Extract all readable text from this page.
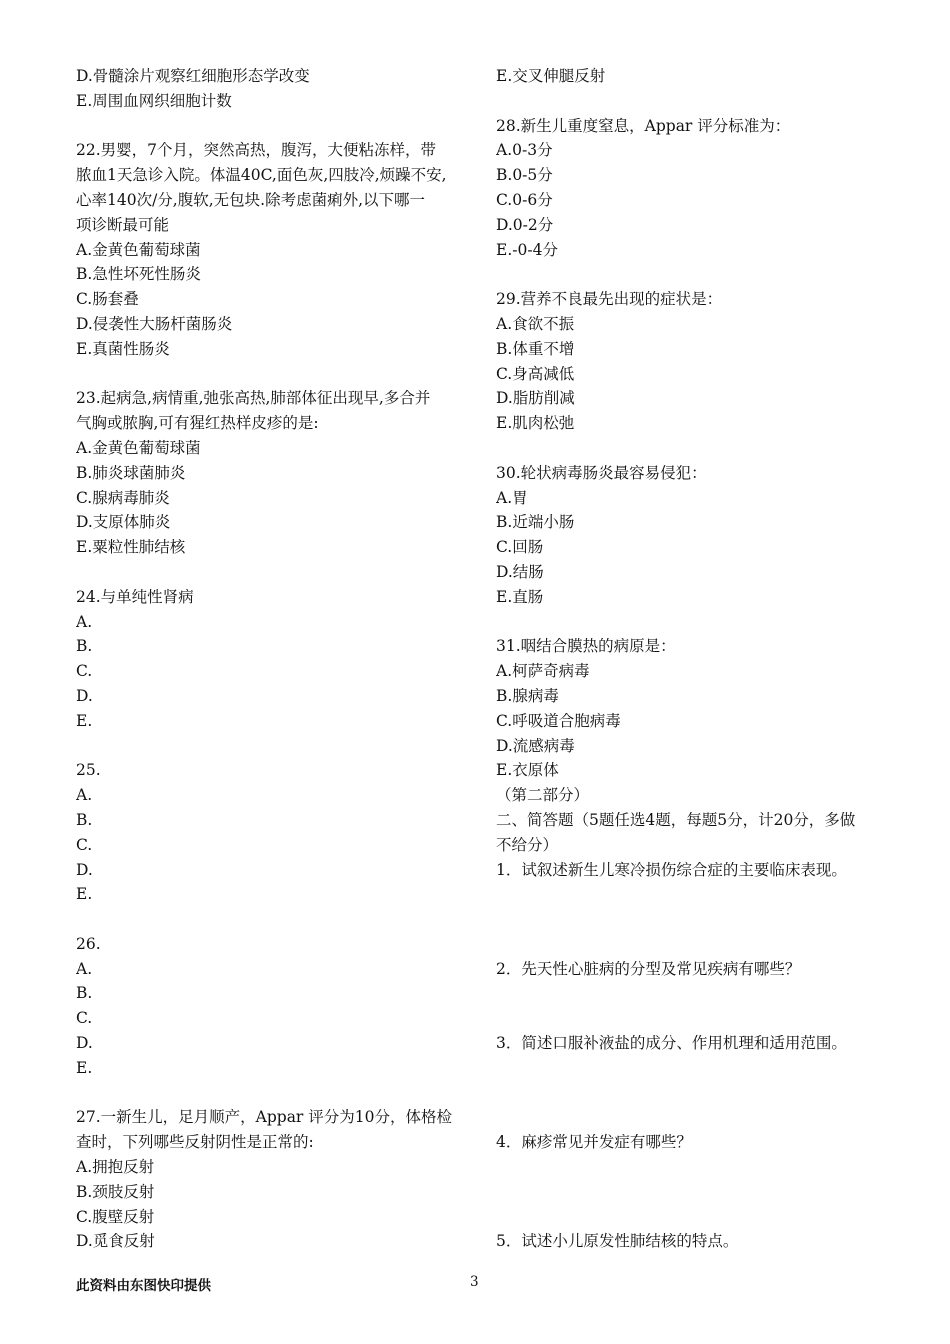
D.骨髓涂片观察红细胞形态学改变
E.周围血网织细胞计数
22.男婴，7个月，突然高热，腹泻，大便粘冻样，带
脓血1天急诊入院。体温40C,面色灰,四肢冷,烦躁不安,
心率140次/分,腹软,无包块.除考虑菌痢外,以下哪一
项诊断最可能
A.金黄色葡萄球菌
B.急性坏死性肠炎
C.肠套叠
D.侵袭性大肠杆菌肠炎
E.真菌性肠炎
23.起病急,病情重,弛张高热,肺部体征出现早,多合并
气胸或脓胸,可有猩红热样皮疹的是:
A.金黄色葡萄球菌
B.肺炎球菌肺炎
C.腺病毒肺炎
D.支原体肺炎
E.粟粒性肺结核
24.与单纯性肾病
A.
B.
C.
D.
E.
25.
A.
B.
C.
D.
E.
26.
A.
B.
C.
D.
E.
27.一新生儿，足月顺产，Appar 评分为10分，体格检
查时，下列哪些反射阴性是正常的:
A.拥抱反射
B.颈肢反射
C.腹壁反射
D.觅食反射
E.交叉伸腿反射
28.新生儿重度窒息，Appar 评分标准为：
A.0-3分
B.0-5分
C.0-6分
D.0-2分
E.-0-4分
29.营养不良最先出现的症状是：
A.食欲不振
B.体重不增
C.身高减低
D.脂肪削减
E.肌肉松弛
30.轮状病毒肠炎最容易侵犯：
A.胃
B.近端小肠
C.回肠
D.结肠
E.直肠
31.咽结合膜热的病原是：
A.柯萨奇病毒
B.腺病毒
C.呼吸道合胞病毒
D.流感病毒
E.衣原体
（第二部分）
二、简答题（5题任选4题，每题5分，计20分，多做
不给分）
1．试叙述新生儿寒冷损伤综合症的主要临床表现。
2．先天性心脏病的分型及常见疾病有哪些？
3．简述口服补液盐的成分、作用机理和适用范围。
4．麻疹常见并发症有哪些？
5．试述小儿原发性肺结核的特点。
此资料由东图快印提供	3
